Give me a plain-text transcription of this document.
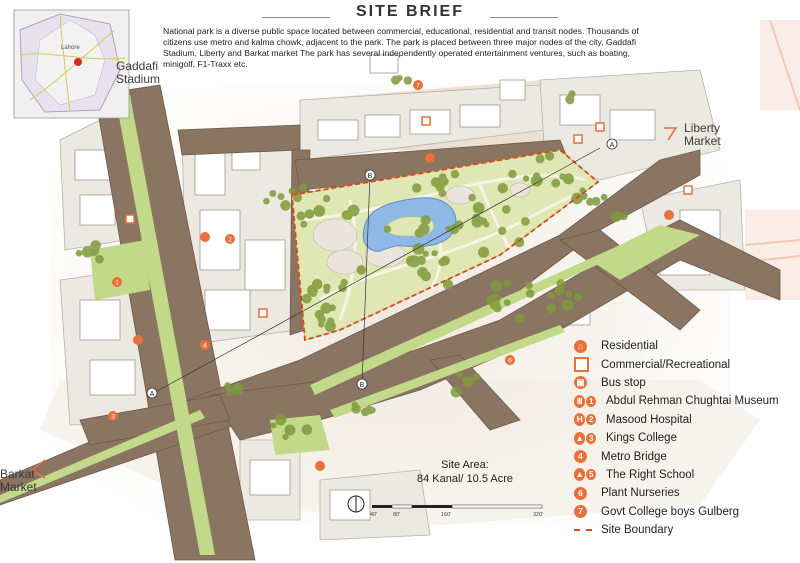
A
A
B
B
7
2
1
4
3
6
SITE BRIEF
National park is a diverse public space located between commercial, educational, residential and transit nodes. Thousands of citizens use metro and kalma chowk, adjacent to the park. The park is placed between three major nodes of the city, Gaddafi Stadium, Liberty and Barkat market The park has several independently operated entertainment ventures, such as boating, minigolf, F1-Traxx etc.
Lahore
Gaddafi
Stadium
Liberty
Market
Barkat
Market
Site Area:
84 Kanal/ 10.5 Acre
40'	80'	160'	320'
⌂	Residential
Commercial/Recreational
▣ Bus stop
Ⅲ 1 Abdul Rehman Chughtai Museum
H 2 Masood Hospital
▲ 3 Kings College
4	Metro Bridge
▲ 5 The Right School
6	Plant Nurseries
7	Govt College boys Gulberg
Site Boundary
